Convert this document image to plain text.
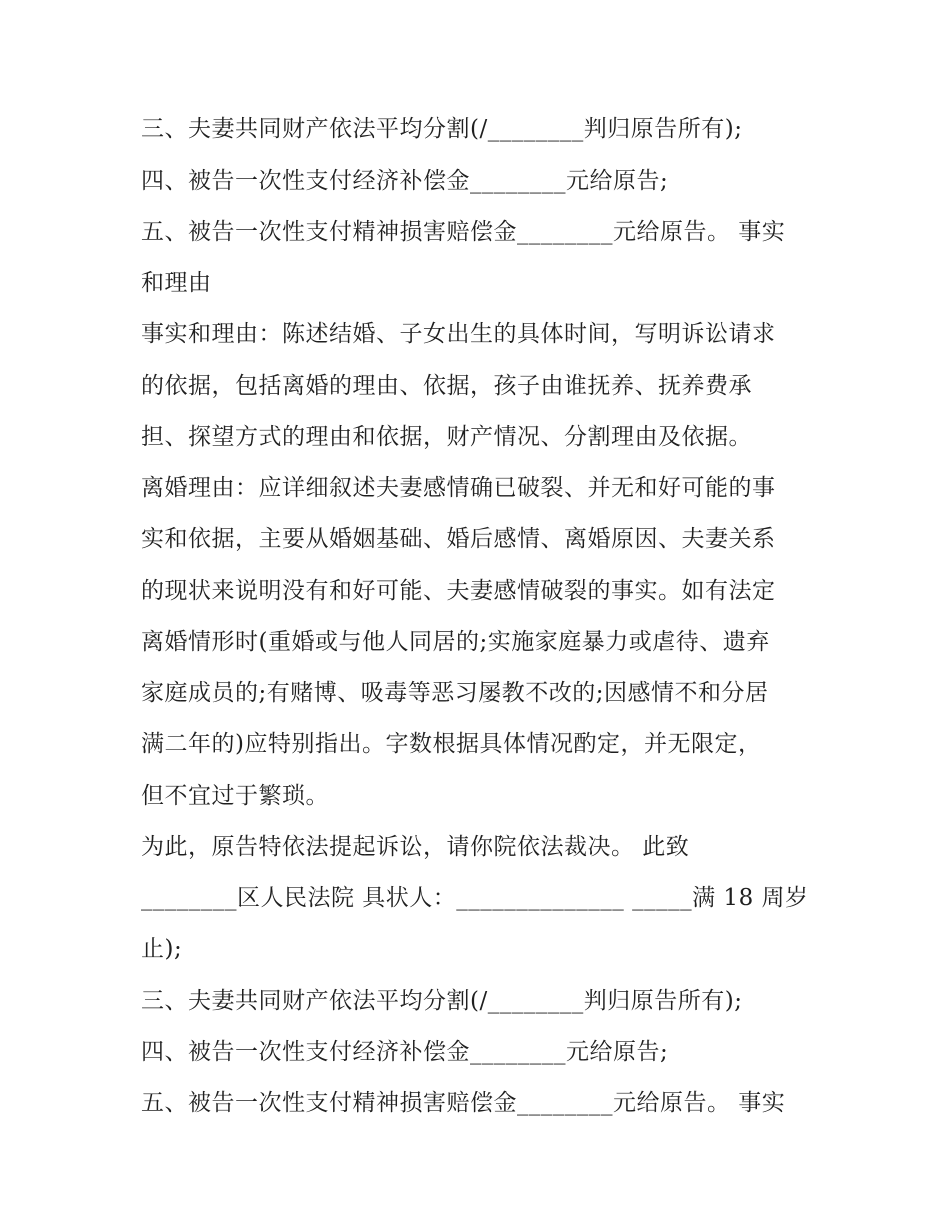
三、夫妻共同财产依法平均分割(/________判归原告所有);
四、被告一次性支付经济补偿金________元给原告;
五、被告一次性支付精神损害赔偿金________元给原告。 事实
和理由
事实和理由：陈述结婚、子女出生的具体时间，写明诉讼请求
的依据，包括离婚的理由、依据，孩子由谁抚养、抚养费承
担、探望方式的理由和依据，财产情况、分割理由及依据。
离婚理由：应详细叙述夫妻感情确已破裂、并无和好可能的事
实和依据，主要从婚姻基础、婚后感情、离婚原因、夫妻关系
的现状来说明没有和好可能、夫妻感情破裂的事实。如有法定
离婚情形时(重婚或与他人同居的;实施家庭暴力或虐待、遗弃
家庭成员的;有赌博、吸毒等恶习屡教不改的;因感情不和分居
满二年的)应特别指出。字数根据具体情况酌定，并无限定，
但不宜过于繁琐。
为此，原告特依法提起诉讼，请你院依法裁决。 此致
________区人民法院 具状人：______________ _____满 18 周岁
止);
三、夫妻共同财产依法平均分割(/________判归原告所有);
四、被告一次性支付经济补偿金________元给原告;
五、被告一次性支付精神损害赔偿金________元给原告。 事实
